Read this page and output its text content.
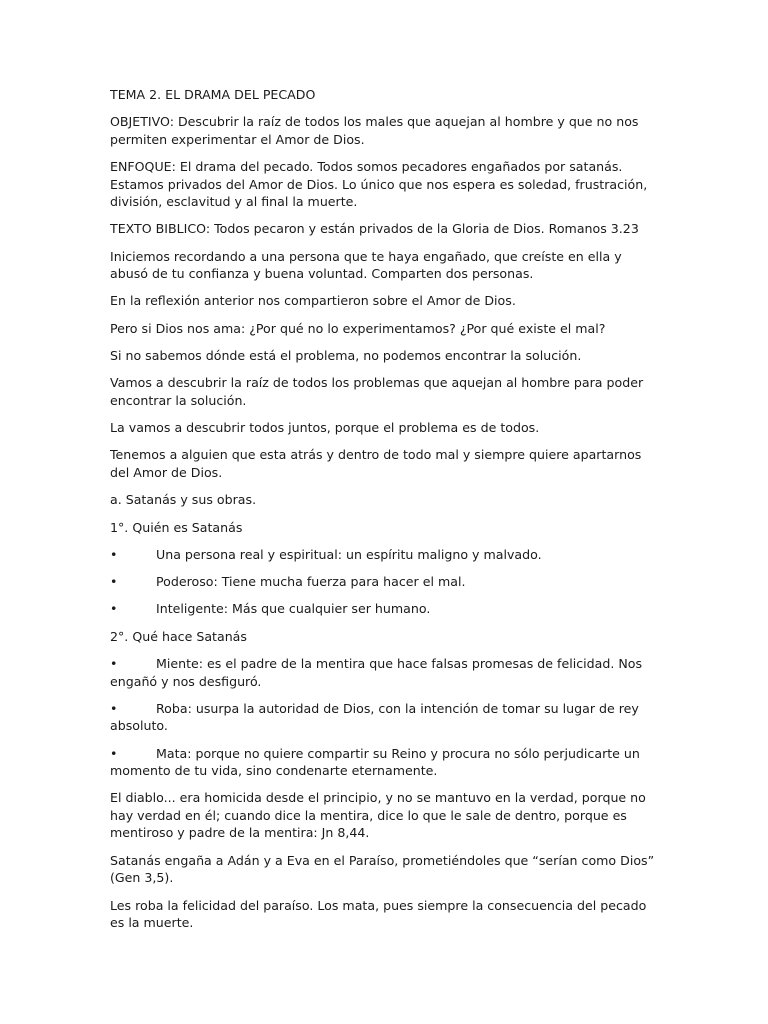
TEMA 2. EL DRAMA DEL PECADO

OBJETIVO: Descubrir la raíz de todos los males que aquejan al hombre y que no nos permiten experimentar el Amor de Dios.

ENFOQUE: El drama del pecado. Todos somos pecadores engañados por satanás. Estamos privados del Amor de Dios. Lo único que nos espera es soledad, frustración, división, esclavitud y al final la muerte.

TEXTO BIBLICO: Todos pecaron y están privados de la Gloria de Dios. Romanos 3.23

Iniciemos recordando a una persona que te haya engañado, que creíste en ella y abusó de tu confianza y buena voluntad. Comparten dos personas.

En la reflexión anterior nos compartieron sobre el Amor de Dios.

Pero si Dios nos ama: ¿Por qué no lo experimentamos? ¿Por qué existe el mal?

Si no sabemos dónde está el problema, no podemos encontrar la solución.

Vamos a descubrir la raíz de todos los problemas que aquejan al hombre para poder encontrar la solución.

La vamos a descubrir todos juntos, porque el problema es de todos.

Tenemos a alguien que esta atrás y dentro de todo mal y siempre quiere apartarnos del Amor de Dios.

a. Satanás y sus obras.

1°. Quién es Satanás

•	Una persona real y espiritual: un espíritu maligno y malvado.

•	Poderoso: Tiene mucha fuerza para hacer el mal.

•	Inteligente: Más que cualquier ser humano.

2°. Qué hace Satanás

•	Miente: es el padre de la mentira que hace falsas promesas de felicidad. Nos engañó y nos desfiguró.

•	Roba: usurpa la autoridad de Dios, con la intención de tomar su lugar de rey absoluto.

•	Mata: porque no quiere compartir su Reino y procura no sólo perjudicarte un momento de tu vida, sino condenarte eternamente.

El diablo... era homicida desde el principio, y no se mantuvo en la verdad, porque no hay verdad en él; cuando dice la mentira, dice lo que le sale de dentro, porque es mentiroso y padre de la mentira: Jn 8,44.

Satanás engaña a Adán y a Eva en el Paraíso, prometiéndoles que “serían como Dios” (Gen 3,5).

Les roba la felicidad del paraíso. Los mata, pues siempre la consecuencia del pecado es la muerte.
